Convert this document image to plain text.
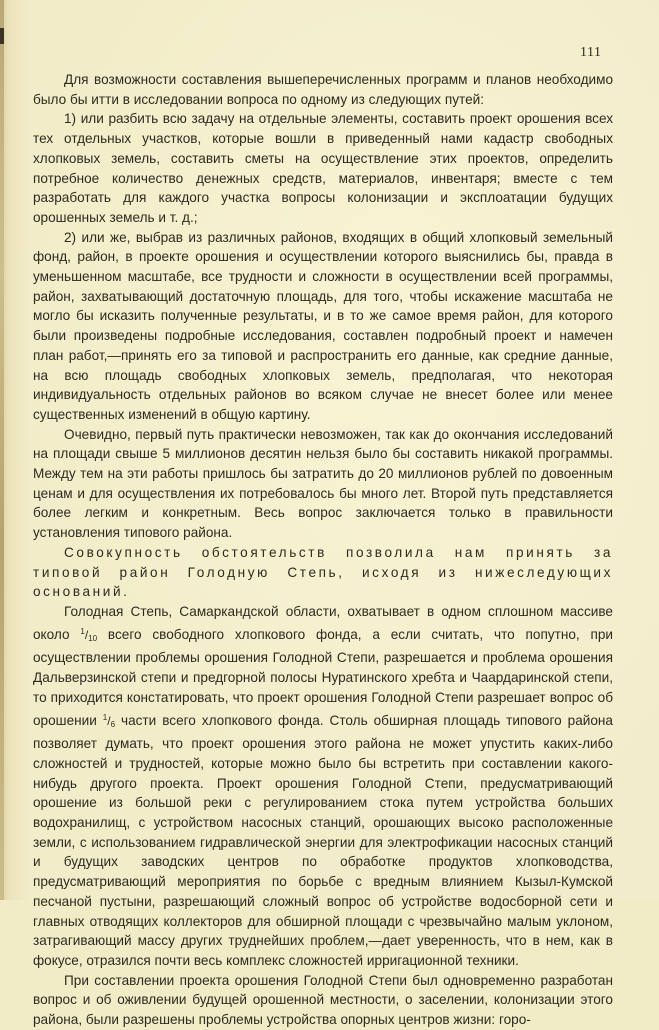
111

Для возможности составления вышеперечисленных программ и планов необходимо было бы итти в исследовании вопроса по одному из следующих путей:

1) или разбить всю задачу на отдельные элементы, составить проект орошения всех тех отдельных участков, которые вошли в приведенный нами кадастр свободных хлопковых земель, составить сметы на осуществление этих проектов, определить потребное количество денежных средств, материалов, инвентаря; вместе с тем разработать для каждого участка вопросы колонизации и эксплоатации будущих орошенных земель и т. д.;

2) или же, выбрав из различных районов, входящих в общий хлопковый земельный фонд, район, в проекте орошения и осуществлении которого выяснились бы, правда в уменьшенном масштабе, все трудности и сложности в осуществлении всей программы, район, захватывающий достаточную площадь, для того, чтобы искажение масштаба не могло бы исказить полученные результаты, и в то же самое время район, для которого были произведены подробные исследования, составлен подробный проект и намечен план работ,—принять его за типовой и распространить его данные, как средние данные, на всю площадь свободных хлопковых земель, предполагая, что некоторая индивидуальность отдельных районов во всяком случае не внесет более или менее существенных изменений в общую картину.

Очевидно, первый путь практически невозможен, так как до окончания исследований на площади свыше 5 миллионов десятин нельзя было бы составить никакой программы. Между тем на эти работы пришлось бы затратить до 20 миллионов рублей по довоенным ценам и для осуществления их потребовалось бы много лет. Второй путь представляется более легким и конкретным. Весь вопрос заключается только в правильности установления типового района.

Совокупность обстоятельств позволила нам принять за типовой район Голодную Степь, исходя из нижеследующих оснований.

Голодная Степь, Самаркандской области, охватывает в одном сплошном массиве около $^1/_{10}$ всего свободного хлопкового фонда, а если считать, что попутно, при осуществлении проблемы орошения Голодной Степи, разрешается и проблема орошения Дальверзинской степи и предгорной полосы Нуратинского хребта и Чаардаринской степи, то приходится констатировать, что проект орошения Голодной Степи разрешает вопрос об орошении $^1/_6$ части всего хлопкового фонда. Столь обширная площадь типового района позволяет думать, что проект орошения этого района не может упустить каких-либо сложностей и трудностей, которые можно было бы встретить при составлении какого-нибудь другого проекта. Проект орошения Голодной Степи, предусматривающий орошение из большой реки с регулированием стока путем устройства больших водохранилищ, с устройством насосных станций, орошающих высоко расположенные земли, с использованием гидравлической энергии для электрофикации насосных станций и будущих заводских центров по обработке продуктов хлопководства, предусматривающий мероприятия по борьбе с вредным влиянием Кызыл-Кумской песчаной пустыни, разрешающий сложный вопрос об устройстве водосборной сети и главных отводящих коллекторов для обширной площади с чрезвычайно малым уклоном, затрагивающий массу других труднейших проблем,—дает уверенность, что в нем, как в фокусе, отразился почти весь комплекс сложностей ирригационной техники.

При составлении проекта орошения Голодной Степи был одновременно разработан вопрос и об оживлении будущей орошенной местности, о заселении, колонизации этого района, были разрешены проблемы устройства опорных центров жизни: горо-
